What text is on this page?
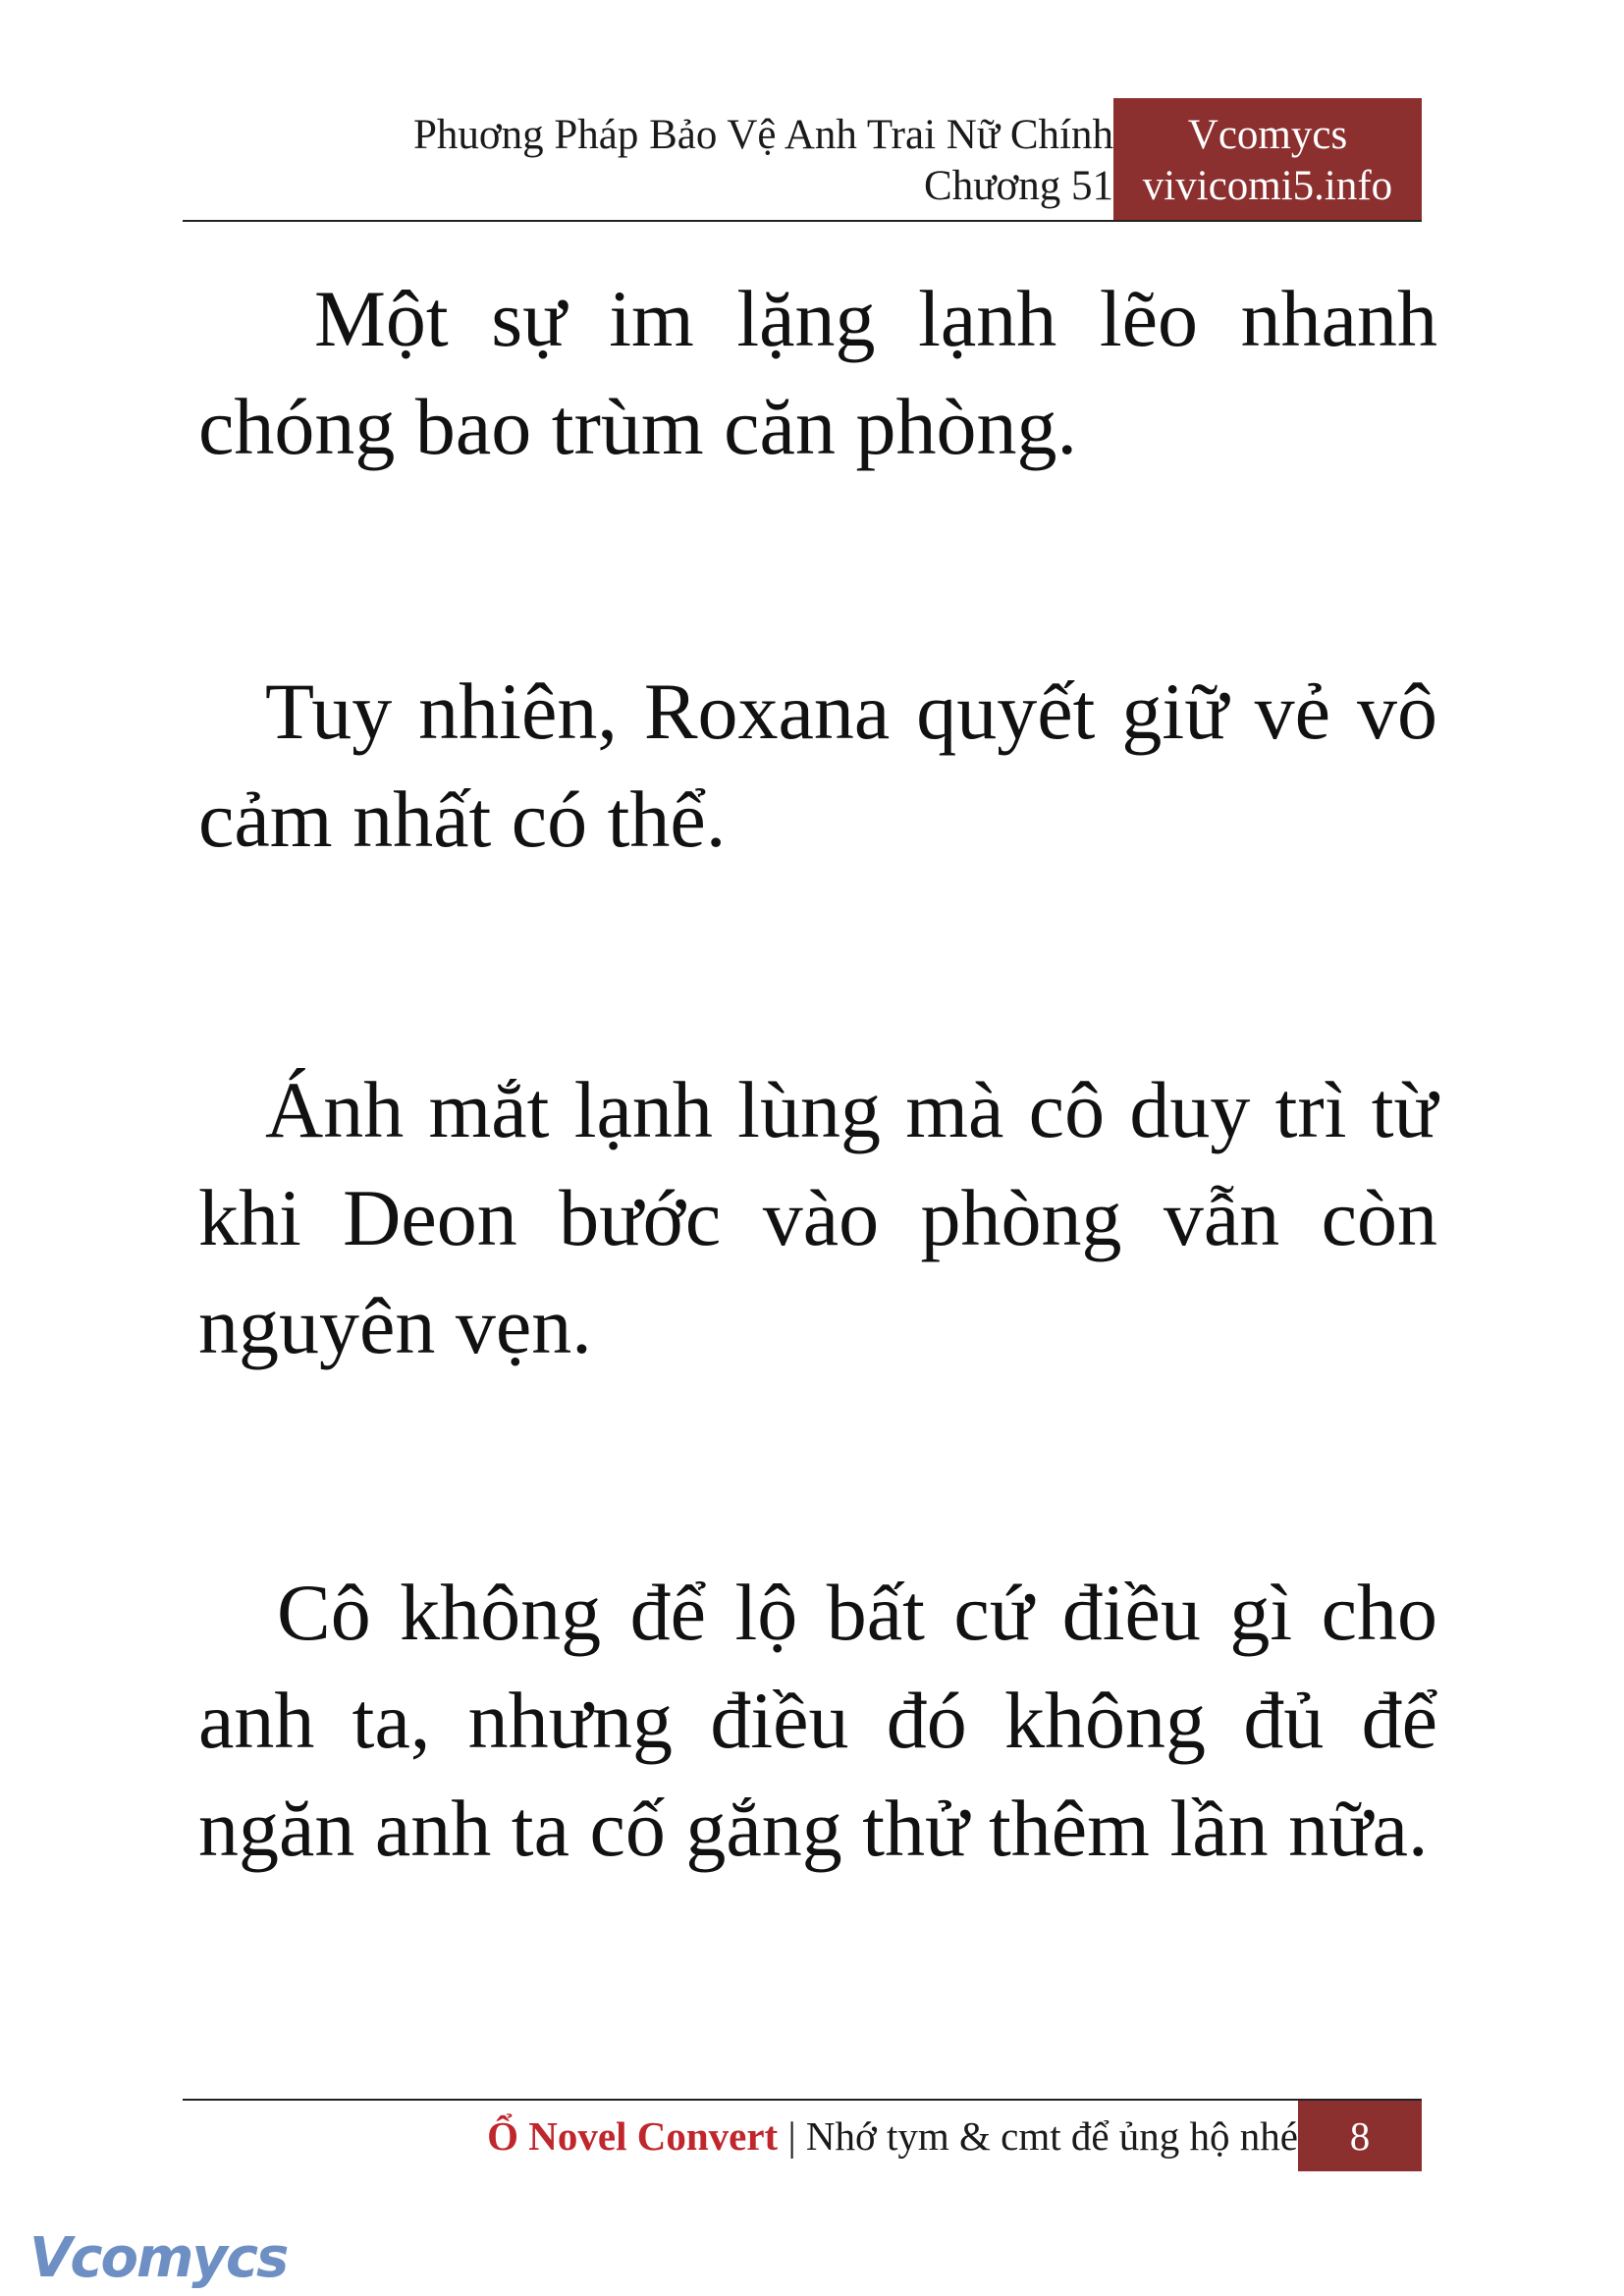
Phuơng Pháp Bảo Vệ Anh Trai Nữ Chính
Chương 51
Vcomycs
vivicomi5.info

Một sự im lặng lạnh lẽo nhanh chóng bao trùm căn phòng.

Tuy nhiên, Roxana quyết giữ vẻ vô cảm nhất có thể.

Ánh mắt lạnh lùng mà cô duy trì từ khi Deon bước vào phòng vẫn còn nguyên vẹn.

Cô không để lộ bất cứ điều gì cho anh ta, nhưng điều đó không đủ để ngăn anh ta cố gắng thử thêm lần nữa.

Ổ Novel Convert | Nhớ tym & cmt để ủng hộ nhé	8
Vcomycs
